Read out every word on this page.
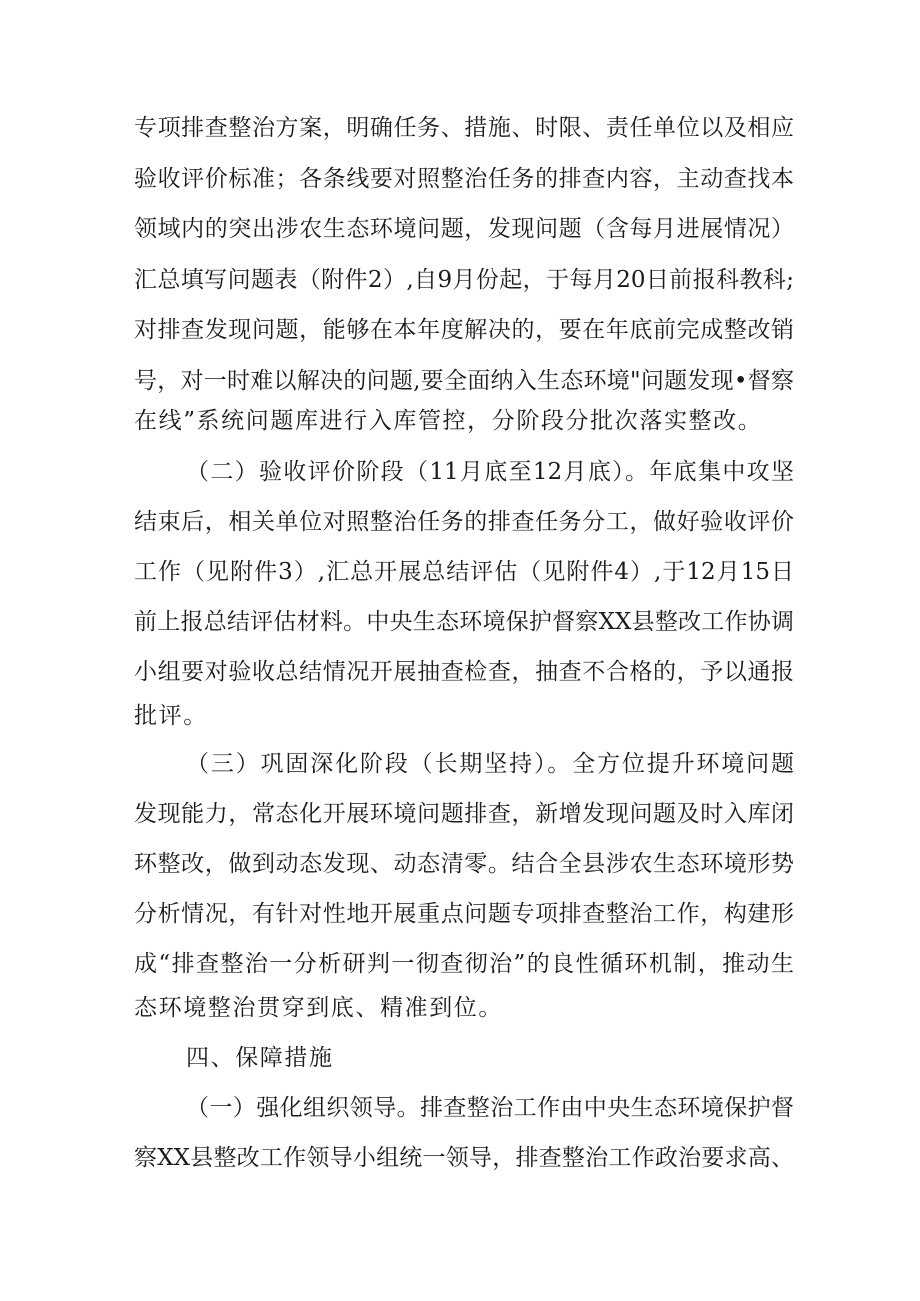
专项排查整治方案，明确任务、措施、时限、责任单位以及相应
验收评价标准；各条线要对照整治任务的排查内容，主动查找本
领域内的突出涉农生态环境问题，发现问题（含每月进展情况）
汇总填写问题表（附件2）,自9月份起，于每月20日前报科教科;
对排查发现问题，能够在本年度解决的，要在年底前完成整改销
号，对一时难以解决的问题,要全面纳入生态环境"问题发现•督察
在线”系统问题库进行入库管控，分阶段分批次落实整改。
（二）验收评价阶段（11月底至12月底）。年底集中攻坚
结束后，相关单位对照整治任务的排查任务分工，做好验收评价
工作（见附件3）,汇总开展总结评估（见附件4）,于12月15日
前上报总结评估材料。中央生态环境保护督察XX县整改工作协调
小组要对验收总结情况开展抽查检查，抽查不合格的，予以通报
批评。
（三）巩固深化阶段（长期坚持）。全方位提升环境问题
发现能力，常态化开展环境问题排查，新增发现问题及时入库闭
环整改，做到动态发现、动态清零。结合全县涉农生态环境形势
分析情况，有针对性地开展重点问题专项排查整治工作，构建形
成“排查整治一分析研判一彻查彻治”的良性循环机制，推动生
态环境整治贯穿到底、精准到位。
四、保障措施
（一）强化组织领导。排查整治工作由中央生态环境保护督
察XX县整改工作领导小组统一领导，排查整治工作政治要求高、
